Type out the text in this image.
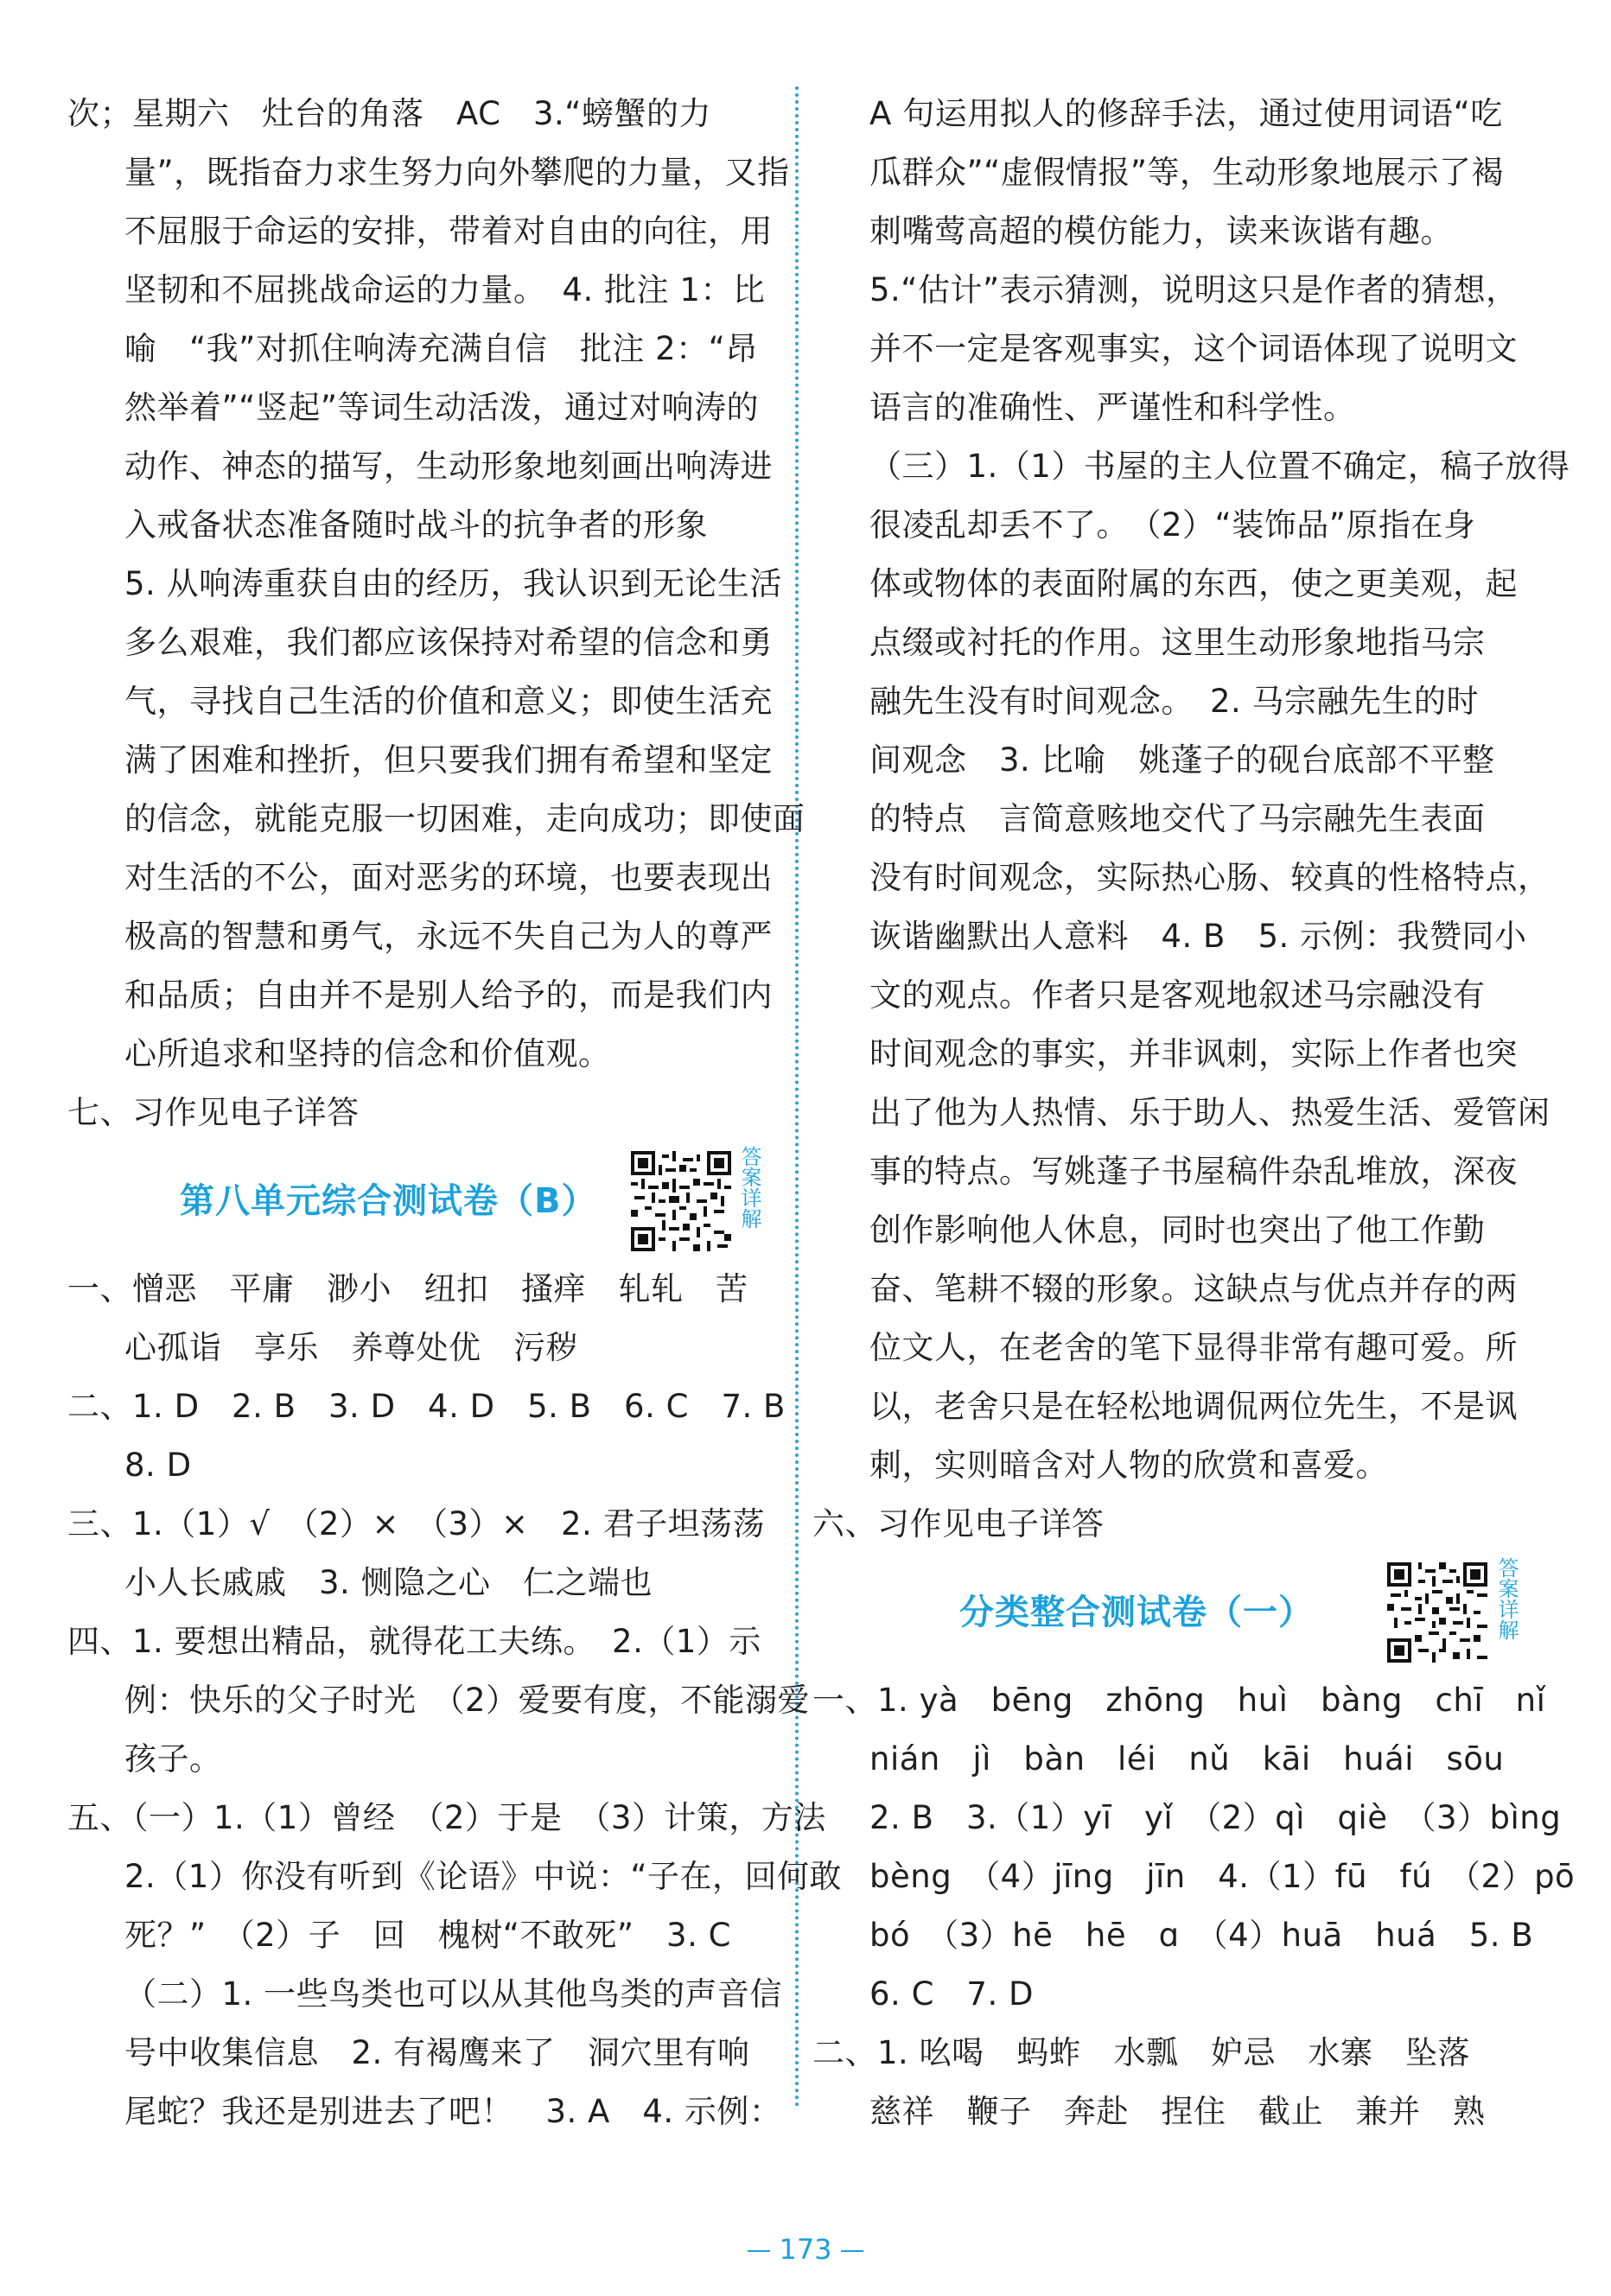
次；星期六　灶台的角落　AC　3.“螃蟹的力
量”，既指奋力求生努力向外攀爬的力量，又指
不屈服于命运的安排，带着对自由的向往，用
坚韧和不屈挑战命运的力量。　4. 批注 1：比
喻　“我”对抓住响涛充满自信　批注 2：“昂
然举着”“竖起”等词生动活泼，通过对响涛的
动作、神态的描写，生动形象地刻画出响涛进
入戒备状态准备随时战斗的抗争者的形象
5. 从响涛重获自由的经历，我认识到无论生活
多么艰难，我们都应该保持对希望的信念和勇
气，寻找自己生活的价值和意义；即使生活充
满了困难和挫折，但只要我们拥有希望和坚定
的信念，就能克服一切困难，走向成功；即使面
对生活的不公，面对恶劣的环境，也要表现出
极高的智慧和勇气，永远不失自己为人的尊严
和品质；自由并不是别人给予的，而是我们内
心所追求和坚持的信念和价值观。
七、习作见电子详答
第八单元综合测试卷（B）	答案详解
一、憎恶　平庸　渺小　纽扣　搔痒　轧轧　苦
心孤诣　享乐　养尊处优　污秽
二、1. D　2. B　3. D　4. D　5. B　6. C　7. B
8. D
三、1.（1）√　（2）×　（3）×　2. 君子坦荡荡
小人长戚戚　3. 恻隐之心　仁之端也
四、1. 要想出精品，就得花工夫练。　2.（1）示
例：快乐的父子时光　（2）爱要有度，不能溺爱
孩子。
五、（一）1.（1）曾经　（2）于是　（3）计策，方法
2.（1）你没有听到《论语》中说：“子在，回何敢
死？”　（2）子　回　槐树“不敢死”　3. C
（二）1. 一些鸟类也可以从其他鸟类的声音信
号中收集信息　2. 有褐鹰来了　洞穴里有响
尾蛇？我还是别进去了吧！　3. A　4. 示例：
A 句运用拟人的修辞手法，通过使用词语“吃
瓜群众”“虚假情报”等，生动形象地展示了褐
刺嘴莺高超的模仿能力，读来诙谐有趣。
5.“估计”表示猜测，说明这只是作者的猜想，
并不一定是客观事实，这个词语体现了说明文
语言的准确性、严谨性和科学性。
（三）1.（1）书屋的主人位置不确定，稿子放得
很凌乱却丢不了。　（2）“装饰品”原指在身
体或物体的表面附属的东西，使之更美观，起
点缀或衬托的作用。这里生动形象地指马宗
融先生没有时间观念。　2. 马宗融先生的时
间观念　3. 比喻　姚蓬子的砚台底部不平整
的特点　言简意赅地交代了马宗融先生表面
没有时间观念，实际热心肠、较真的性格特点，
诙谐幽默出人意料　4. B　5. 示例：我赞同小
文的观点。作者只是客观地叙述马宗融没有
时间观念的事实，并非讽刺，实际上作者也突
出了他为人热情、乐于助人、热爱生活、爱管闲
事的特点。写姚蓬子书屋稿件杂乱堆放，深夜
创作影响他人休息，同时也突出了他工作勤
奋、笔耕不辍的形象。这缺点与优点并存的两
位文人，在老舍的笔下显得非常有趣可爱。所
以，老舍只是在轻松地调侃两位先生，不是讽
刺，实则暗含对人物的欣赏和喜爱。
六、习作见电子详答
分类整合测试卷（一）	答案详解
一、1. yà　bēng　zhōng　huì　bàng　chī　nǐ
nián　jì　bàn　léi　nǔ　kāi　huái　sōu
2. B　3.（1）yī　yǐ　（2）qì　qiè　（3）bìng
bèng　（4）jīng　jīn　4.（1）fū　fú　（2）pō
bó　（3）hē　hē　ɑ　（4）huā　huá　5. B
6. C　7. D
二、1. 吆喝　蚂蚱　水瓢　妒忌　水寨　坠落
慈祥　鞭子　奔赴　捏住　截止　兼并　熟
173
